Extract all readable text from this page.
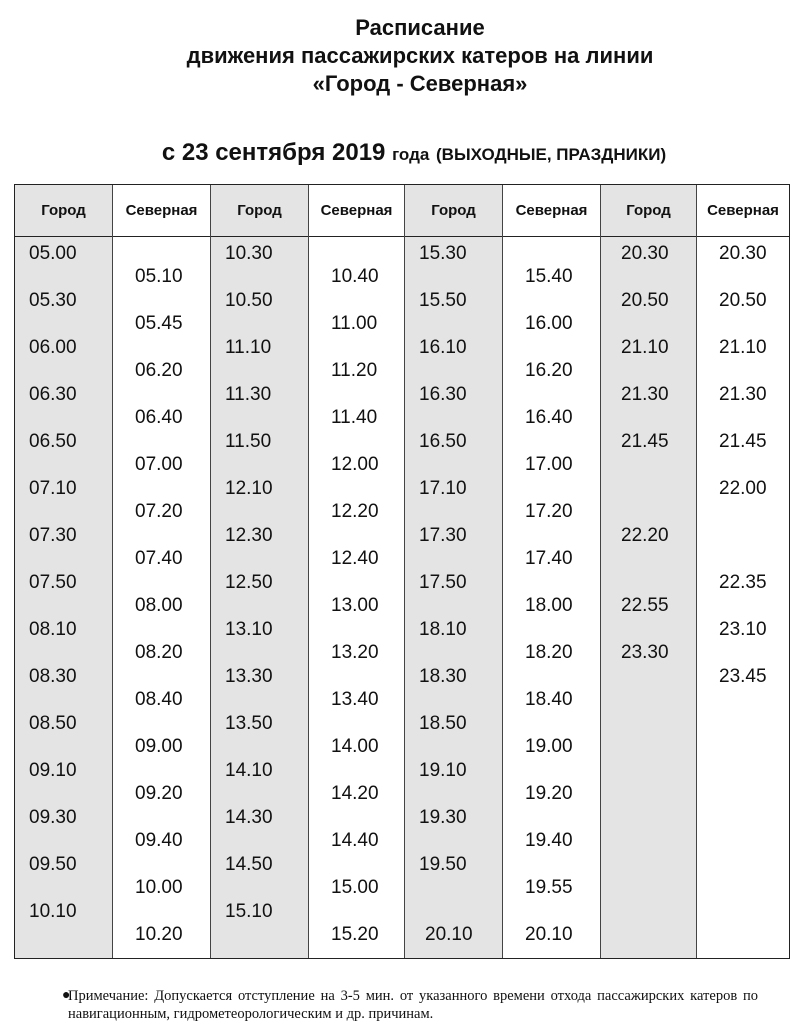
Расписание
движения пассажирских катеров на линии
«Город - Северная»
с 23 сентября 2019 года (ВЫХОДНЫЕ, ПРАЗДНИКИ)
Город
05.00
05.30
06.00
06.30
06.50
07.10
07.30
07.50
08.10
08.30
08.50
09.10
09.30
09.50
10.10
Северная
05.10
05.45
06.20
06.40
07.00
07.20
07.40
08.00
08.20
08.40
09.00
09.20
09.40
10.00
10.20
Город
10.30
10.50
11.10
11.30
11.50
12.10
12.30
12.50
13.10
13.30
13.50
14.10
14.30
14.50
15.10
Северная
10.40
11.00
11.20
11.40
12.00
12.20
12.40
13.00
13.20
13.40
14.00
14.20
14.40
15.00
15.20
Город
15.30
15.50
16.10
16.30
16.50
17.10
17.30
17.50
18.10
18.30
18.50
19.10
19.30
19.50
20.10
Северная
15.40
16.00
16.20
16.40
17.00
17.20
17.40
18.00
18.20
18.40
19.00
19.20
19.40
19.55
20.10
Город
20.30
20.50
21.10
21.30
21.45
22.20
22.55
23.30
Северная
20.30
20.50
21.10
21.30
21.45
22.00
22.35
23.10
23.45
●
Примечание: Допускается отступление на 3-5 мин. от указанного времени отхода пассажирских катеров по навигационным, гидрометеорологическим и др. причинам.
